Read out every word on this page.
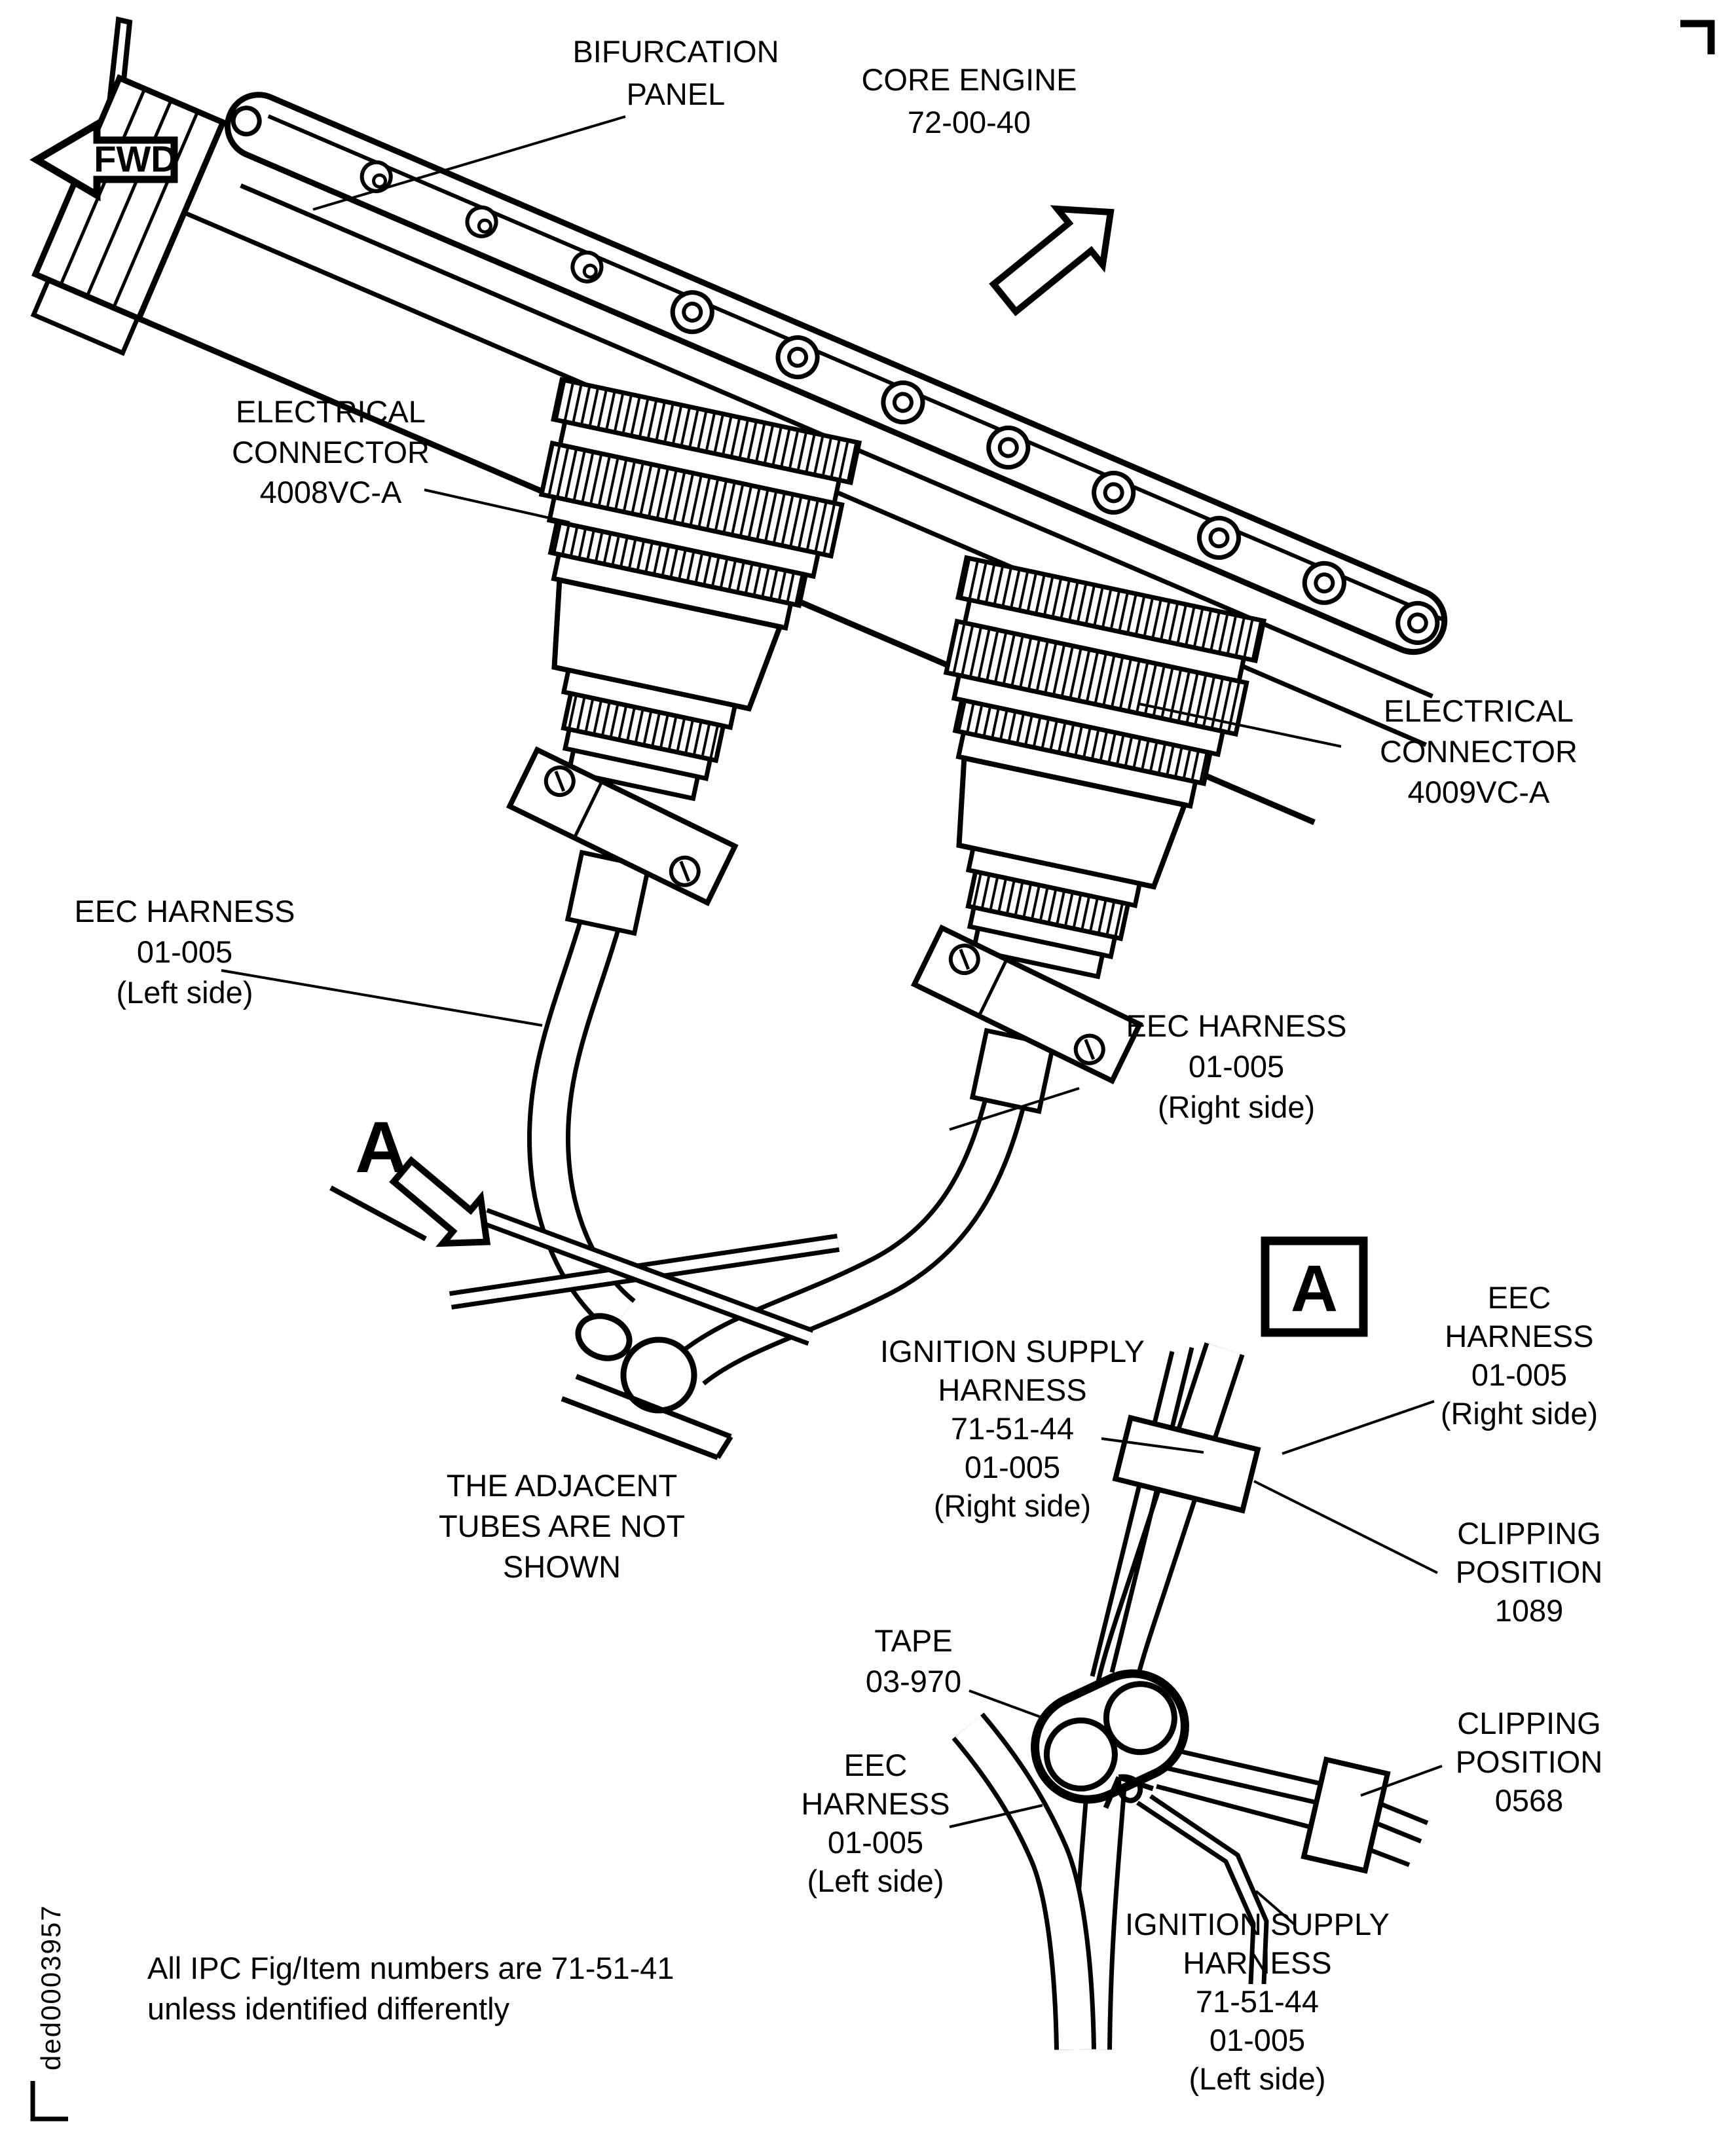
A
FWD
A
BIFURCATION
PANEL	CORE ENGINE
72-00-40
ELECTRICAL
CONNECTOR
4008VC-A
ELECTRICAL
CONNECTOR
4009VC-A
EEC HARNESS
01-005
(Left side)
EEC HARNESS
01-005
(Right side)
THE ADJACENT
TUBES ARE NOT
SHOWN
IGNITION SUPPLY
HARNESS
71-51-44
01-005
(Right side)
EEC
HARNESS
01-005
(Right side)
CLIPPING
POSITION
1089
TAPE
03-970
EEC
HARNESS
01-005
(Left side)
CLIPPING
POSITION
0568
IGNITION SUPPLY
HARNESS
71-51-44
01-005
(Left side)
All IPC Fig/Item numbers are 71-51-41
unless identified differently
ded0003957
